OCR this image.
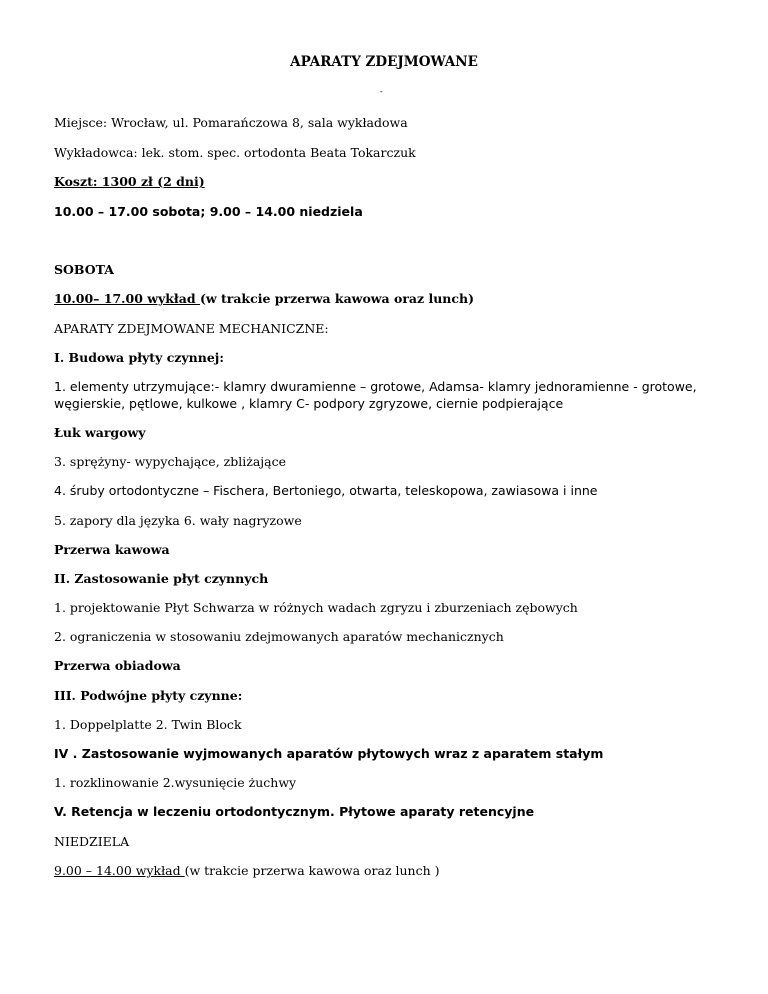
APARATY ZDEJMOWANE
-
Miejsce: Wrocław, ul. Pomarańczowa 8, sala wykładowa
Wykładowca: lek. stom. spec. ortodonta Beata Tokarczuk
Koszt: 1300 zł (2 dni)
10.00 – 17.00 sobota; 9.00 – 14.00 niedziela
SOBOTA
10.00– 17.00 wykład (w trakcie przerwa kawowa oraz lunch)
APARATY ZDEJMOWANE MECHANICZNE:
I. Budowa płyty czynnej:
1. elementy utrzymujące:- klamry dwuramienne – grotowe, Adamsa- klamry jednoramienne - grotowe, węgierskie, pętlowe, kulkowe , klamry C- podpory zgryzowe, ciernie podpierające
Łuk wargowy
3. sprężyny- wypychające, zbliżające
4. śruby ortodontyczne – Fischera, Bertoniego, otwarta, teleskopowa, zawiasowa i inne
5. zapory dla języka 6. wały nagryzowe
Przerwa kawowa
II. Zastosowanie płyt czynnych
1. projektowanie Płyt Schwarza w różnych wadach zgryzu i zburzeniach zębowych
2. ograniczenia w stosowaniu zdejmowanych aparatów mechanicznych
Przerwa obiadowa
III. Podwójne płyty czynne:
1. Doppelplatte 2. Twin Block
IV . Zastosowanie wyjmowanych aparatów płytowych wraz z aparatem stałym
1. rozklinowanie 2.wysunięcie żuchwy
V. Retencja w leczeniu ortodontycznym. Płytowe aparaty retencyjne
NIEDZIELA
9.00 – 14.00 wykład (w trakcie przerwa kawowa oraz lunch )
